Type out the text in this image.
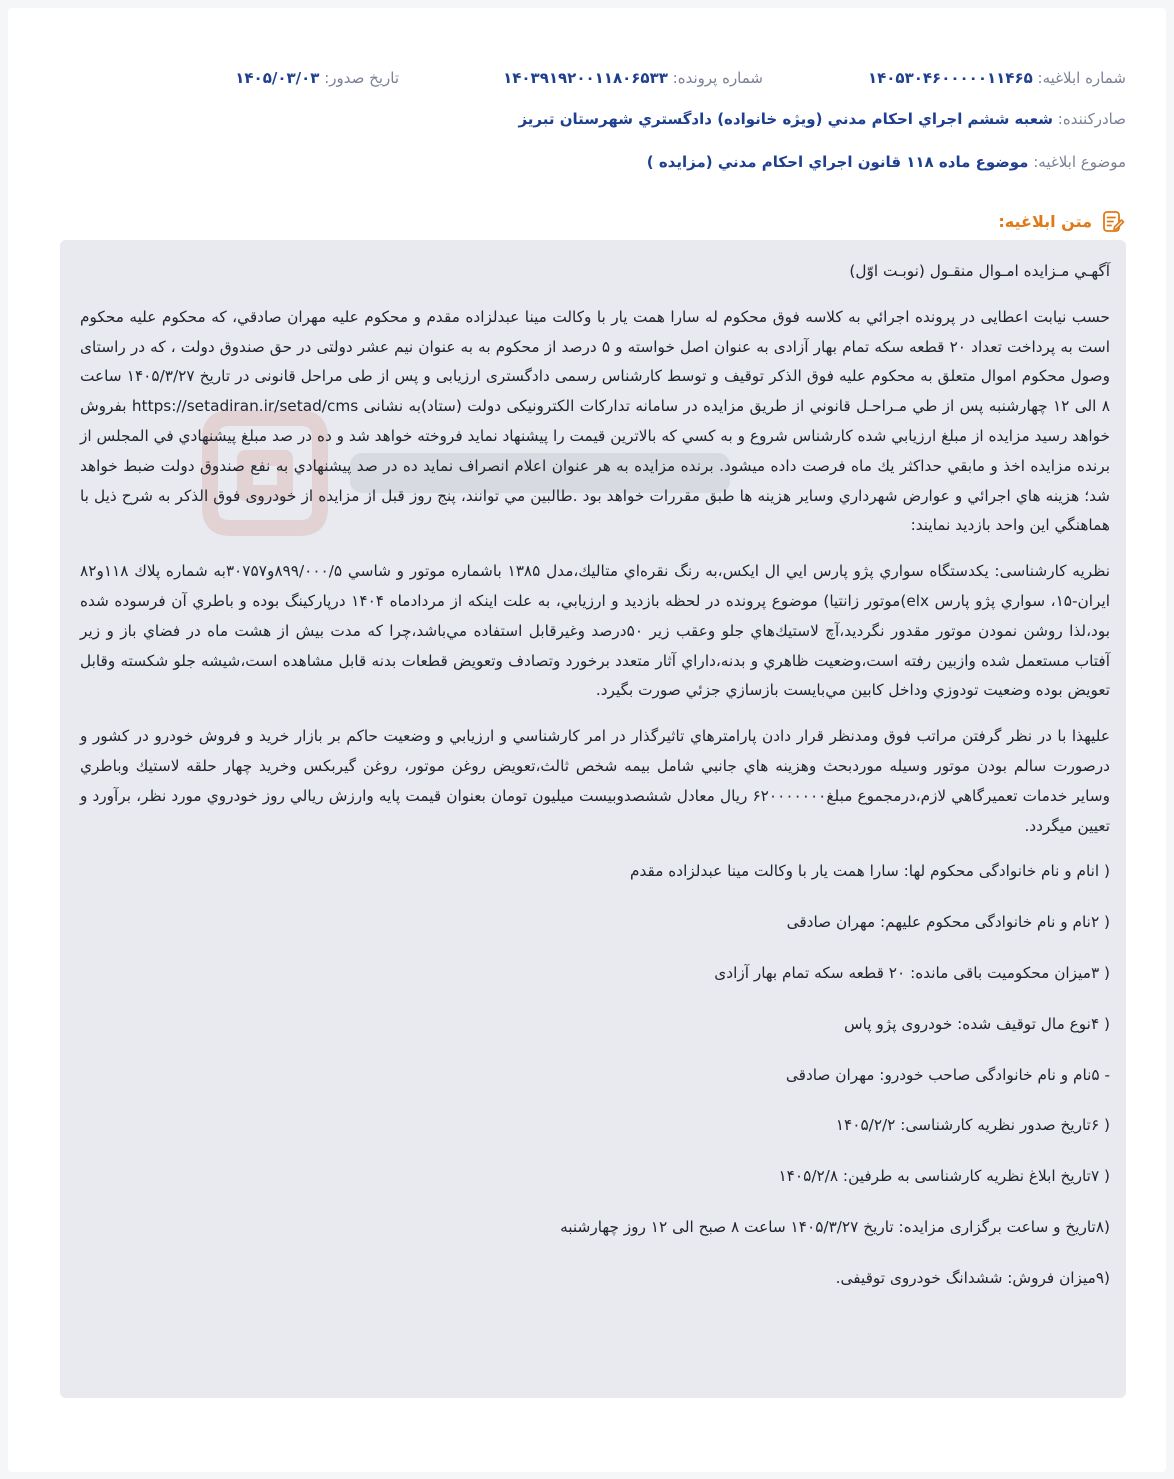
شماره ابلاغيه: ۱۴۰۵۳۰۴۶۰۰۰۰۰۱۱۴۶۵
شماره پرونده: ۱۴۰۳۹۱۹۲۰۰۱۱۸۰۶۵۳۳
تاريخ صدور: ۱۴۰۵/۰۳/۰۳
صادرکننده: شعبه ششم اجراي احكام مدني (ويژه خانواده) دادگستري شهرستان تبريز
موضوع ابلاغيه: موضوع ماده ۱۱۸ قانون اجراي احكام مدني (مزايده )
متن ابلاغيه:

آگهـي مـزايده امـوال منقـول (نوبـت اوّل)

حسب نيابت اعطايی در پرونده اجرائي به كلاسه فوق محكوم له سارا همت يار با وكالت مينا عبدلزاده مقدم و محكوم عليه مهران صادقي، كه محكوم عليه محكوم است به پرداخت تعداد ۲۰ قطعه سكه تمام بهار آزادی به عنوان اصل خواسته و ۵ درصد از محكوم به به عنوان نيم عشر دولتی در حق صندوق دولت ، كه در راستای وصول محكوم اموال متعلق به محكوم عليه فوق الذكر توقيف و توسط كارشناس رسمی دادگستری ارزيابی و پس از طی مراحل قانونی در تاريخ ۱۴۰۵/۳/۲۷ ساعت ۸ الی ۱۲ چهارشنبه پس از طي مـراحـل قانوني از طريق مزايده در سامانه تداركات الكترونيكی دولت (ستاد)به نشانی https://setadiran.ir/setad/cms بفروش خواهد رسيد مزايده از مبلغ ارزيابي شده كارشناس شروع و به كسي كه بالاترين قيمت را پيشنهاد نمايد فروخته خواهد شد و ده در صد مبلغ پيشنهادي في المجلس از برنده مزايده اخذ و مابقي حداكثر يك ماه فرصت داده ميشود. برنده مزايده به هر عنوان اعلام انصراف نمايد ده در صد پيشنهادي به نفع صندوق دولت ضبط خواهد شد؛ هزينه هاي اجرائي و عوارض شهرداري وساير هزينه ها طبق مقررات خواهد بود .طالبين مي توانند، پنج روز قبل از مزايده از خودروی فوق الذكر به شرح ذيل با هماهنگي اين واحد بازديد نمايند:

نظريه كارشناسی: يكدستگاه سواري پژو پارس ايي ال ايكس،به رنگ نقره‌اي متاليك،مدل ۱۳۸۵ باشماره موتور و شاسي ۸۹۹/۰۰۰/۵و۳۰۷۵۷به شماره پلاك ۱۱۸و۸۲ ايران-۱۵، سواري پژو پارس elx)موتور زانتيا) موضوع پرونده در لحظه بازديد و ارزيابي، به علت اينكه از مردادماه ۱۴۰۴ درپاركينگ بوده و باطري آن فرسوده شده بود،لذا روشن نمودن موتور مقدور نگرديد،آچ لاستيك‌هاي جلو وعقب زير ۵۰درصد وغيرقابل استفاده مي‌باشد،چرا كه مدت بيش از هشت ماه در فضاي باز و زير آفتاب مستعمل شده وازبين رفته است،وضعيت ظاهري و بدنه،داراي آثار متعدد برخورد وتصادف وتعويض قطعات بدنه قابل مشاهده است،شيشه جلو شكسته وقابل تعويض بوده وضعيت تودوزي وداخل كابين مي‌بايست بازسازي جزئي صورت بگيرد.

عليهذا با در نظر گرفتن مراتب فوق ومدنظر قرار دادن پارامترهاي تاثيرگذار در امر كارشناسي و ارزيابي و وضعيت حاكم بر بازار خريد و فروش خودرو در كشور و درصورت سالم بودن موتور وسيله موردبحث وهزينه هاي جانبي شامل بيمه شخص ثالث،تعويض روغن موتور، روغن گيربكس وخريد چهار حلقه لاستيك وباطري وساير خدمات تعميرگاهي لازم،درمجموع مبلغ۶۲۰۰۰۰۰۰۰ ريال معادل ششصدوبيست ميليون تومان بعنوان قيمت پايه وارزش ريالي روز خودروي مورد نظر، برآورد و تعيين ميگردد.

( انام و نام خانوادگی محكوم لها: سارا همت يار با وكالت مينا عبدلزاده مقدم

( ۲نام و نام خانوادگی محكوم عليهم: مهران صادقی

( ۳ميزان محكوميت باقی مانده: ۲۰ قطعه سكه تمام بهار آزادی

( ۴نوع مال توقيف شده: خودروی پژو پاس

- ۵نام و نام خانوادگی صاحب خودرو: مهران صادقی

( ۶تاريخ صدور نظريه كارشناسی: ۱۴۰۵/۲/۲

( ۷تاريخ ابلاغ نظريه كارشناسی به طرفين: ۱۴۰۵/۲/۸

(۸تاريخ و ساعت برگزاری مزايده: تاريخ ۱۴۰۵/۳/۲۷ ساعت ۸ صبح الی ۱۲ روز چهارشنبه

(۹ميزان فروش: ششدانگ خودروی توقيفی.
